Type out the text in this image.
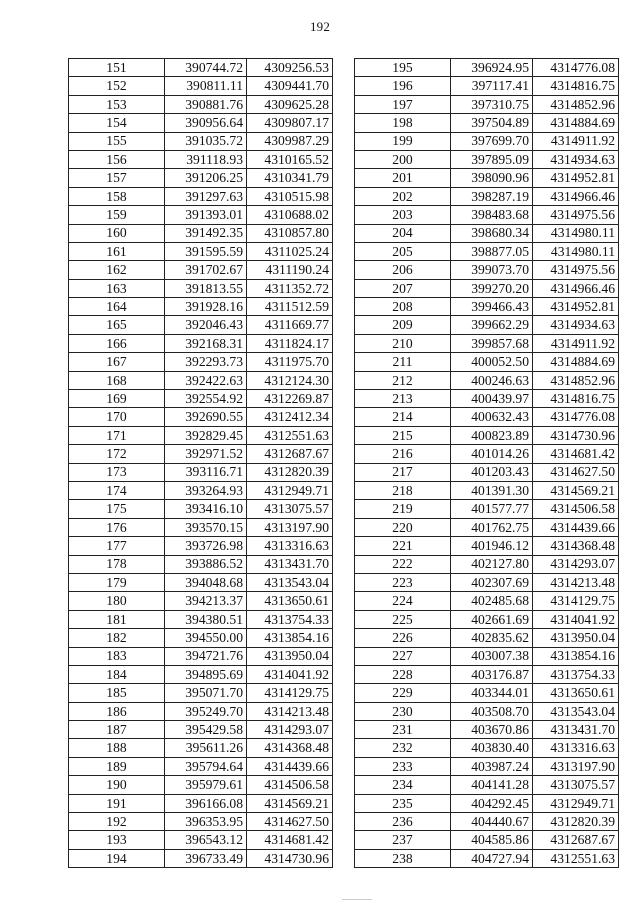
192
151	390744.72	4309256.53
152	390811.11	4309441.70
153	390881.76	4309625.28
154	390956.64	4309807.17
155	391035.72	4309987.29
156	391118.93	4310165.52
157	391206.25	4310341.79
158	391297.63	4310515.98
159	391393.01	4310688.02
160	391492.35	4310857.80
161	391595.59	4311025.24
162	391702.67	4311190.24
163	391813.55	4311352.72
164	391928.16	4311512.59
165	392046.43	4311669.77
166	392168.31	4311824.17
167	392293.73	4311975.70
168	392422.63	4312124.30
169	392554.92	4312269.87
170	392690.55	4312412.34
171	392829.45	4312551.63
172	392971.52	4312687.67
173	393116.71	4312820.39
174	393264.93	4312949.71
175	393416.10	4313075.57
176	393570.15	4313197.90
177	393726.98	4313316.63
178	393886.52	4313431.70
179	394048.68	4313543.04
180	394213.37	4313650.61
181	394380.51	4313754.33
182	394550.00	4313854.16
183	394721.76	4313950.04
184	394895.69	4314041.92
185	395071.70	4314129.75
186	395249.70	4314213.48
187	395429.58	4314293.07
188	395611.26	4314368.48
189	395794.64	4314439.66
190	395979.61	4314506.58
191	396166.08	4314569.21
192	396353.95	4314627.50
193	396543.12	4314681.42
194	396733.49	4314730.96
195	396924.95	4314776.08
196	397117.41	4314816.75
197	397310.75	4314852.96
198	397504.89	4314884.69
199	397699.70	4314911.92
200	397895.09	4314934.63
201	398090.96	4314952.81
202	398287.19	4314966.46
203	398483.68	4314975.56
204	398680.34	4314980.11
205	398877.05	4314980.11
206	399073.70	4314975.56
207	399270.20	4314966.46
208	399466.43	4314952.81
209	399662.29	4314934.63
210	399857.68	4314911.92
211	400052.50	4314884.69
212	400246.63	4314852.96
213	400439.97	4314816.75
214	400632.43	4314776.08
215	400823.89	4314730.96
216	401014.26	4314681.42
217	401203.43	4314627.50
218	401391.30	4314569.21
219	401577.77	4314506.58
220	401762.75	4314439.66
221	401946.12	4314368.48
222	402127.80	4314293.07
223	402307.69	4314213.48
224	402485.68	4314129.75
225	402661.69	4314041.92
226	402835.62	4313950.04
227	403007.38	4313854.16
228	403176.87	4313754.33
229	403344.01	4313650.61
230	403508.70	4313543.04
231	403670.86	4313431.70
232	403830.40	4313316.63
233	403987.24	4313197.90
234	404141.28	4313075.57
235	404292.45	4312949.71
236	404440.67	4312820.39
237	404585.86	4312687.67
238	404727.94	4312551.63
